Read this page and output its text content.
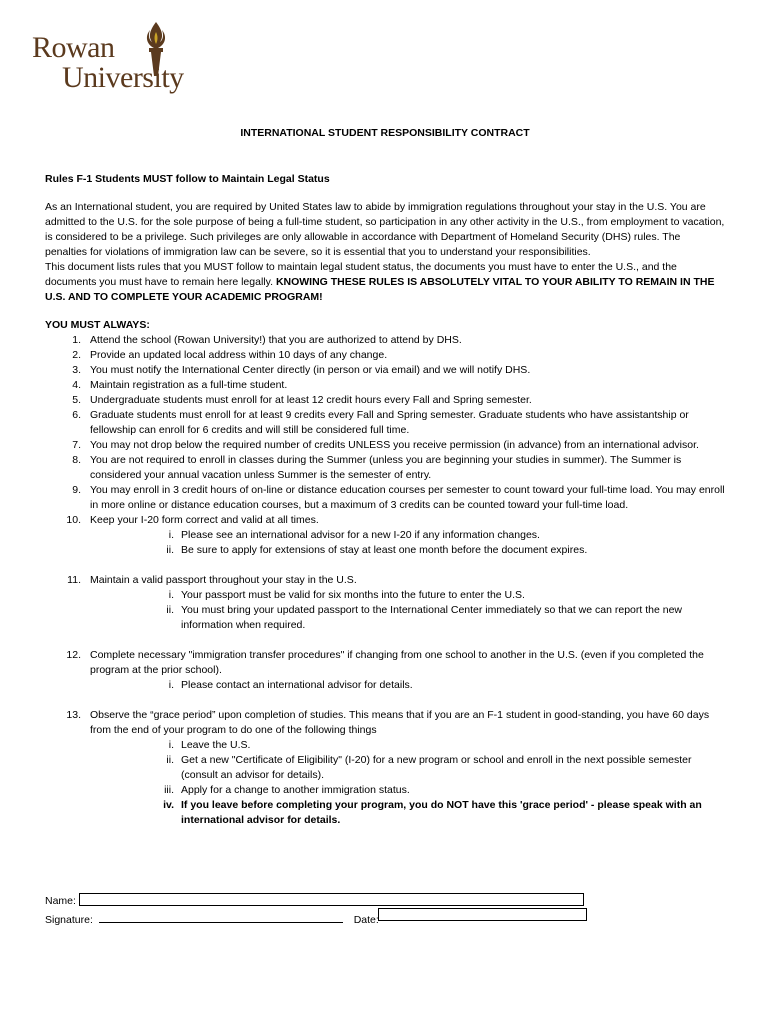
Rowan
University
INTERNATIONAL STUDENT RESPONSIBILITY CONTRACT
Rules F-1 Students MUST follow to Maintain Legal Status

As an International student, you are required by United States law to abide by immigration regulations throughout your stay in the U.S. You are admitted to the U.S. for the sole purpose of being a full-time student, so participation in any other activity in the U.S., from employment to vacation, is considered to be a privilege. Such privileges are only allowable in accordance with Department of Homeland Security (DHS) rules. The penalties for violations of immigration law can be severe, so it is essential that you to understand your responsibilities.

This document lists rules that you MUST follow to maintain legal student status, the documents you must have to enter the U.S., and the documents you must have to remain here legally. KNOWING THESE RULES IS ABSOLUTELY VITAL TO YOUR ABILITY TO REMAIN IN THE U.S. AND TO COMPLETE YOUR ACADEMIC PROGRAM!

YOU MUST ALWAYS:
1. Attend the school (Rowan University!) that you are authorized to attend by DHS.
2. Provide an updated local address within 10 days of any change.
3. You must notify the International Center directly (in person or via email) and we will notify DHS.
4. Maintain registration as a full-time student.
5. Undergraduate students must enroll for at least 12 credit hours every Fall and Spring semester.
6. Graduate students must enroll for at least 9 credits every Fall and Spring semester. Graduate students who have assistantship or fellowship can enroll for 6 credits and will still be considered full time.
7. You may not drop below the required number of credits UNLESS you receive permission (in advance) from an international advisor.
8. You are not required to enroll in classes during the Summer (unless you are beginning your studies in summer). The Summer is considered your annual vacation unless Summer is the semester of entry.
9. You may enroll in 3 credit hours of on-line or distance education courses per semester to count toward your full-time load. You may enroll in more online or distance education courses, but a maximum of 3 credits can be counted toward your full-time load.
10. Keep your I-20 form correct and valid at all times.
i. Please see an international advisor for a new I-20 if any information changes.
ii. Be sure to apply for extensions of stay at least one month before the document expires.
11. Maintain a valid passport throughout your stay in the U.S.
i. Your passport must be valid for six months into the future to enter the U.S.
ii. You must bring your updated passport to the International Center immediately so that we can report the new information when required.
12. Complete necessary "immigration transfer procedures" if changing from one school to another in the U.S. (even if you completed the program at the prior school).
i. Please contact an international advisor for details.
13. Observe the “grace period” upon completion of studies. This means that if you are an F-1 student in good-standing, you have 60 days from the end of your program to do one of the following things
i. Leave the U.S.
ii. Get a new "Certificate of Eligibility" (I-20) for a new program or school and enroll in the next possible semester (consult an advisor for details).
iii. Apply for a change to another immigration status.
iv. If you leave before completing your program, you do NOT have this 'grace period' - please speak with an international advisor for details.
Name:
Signature:	Date:
